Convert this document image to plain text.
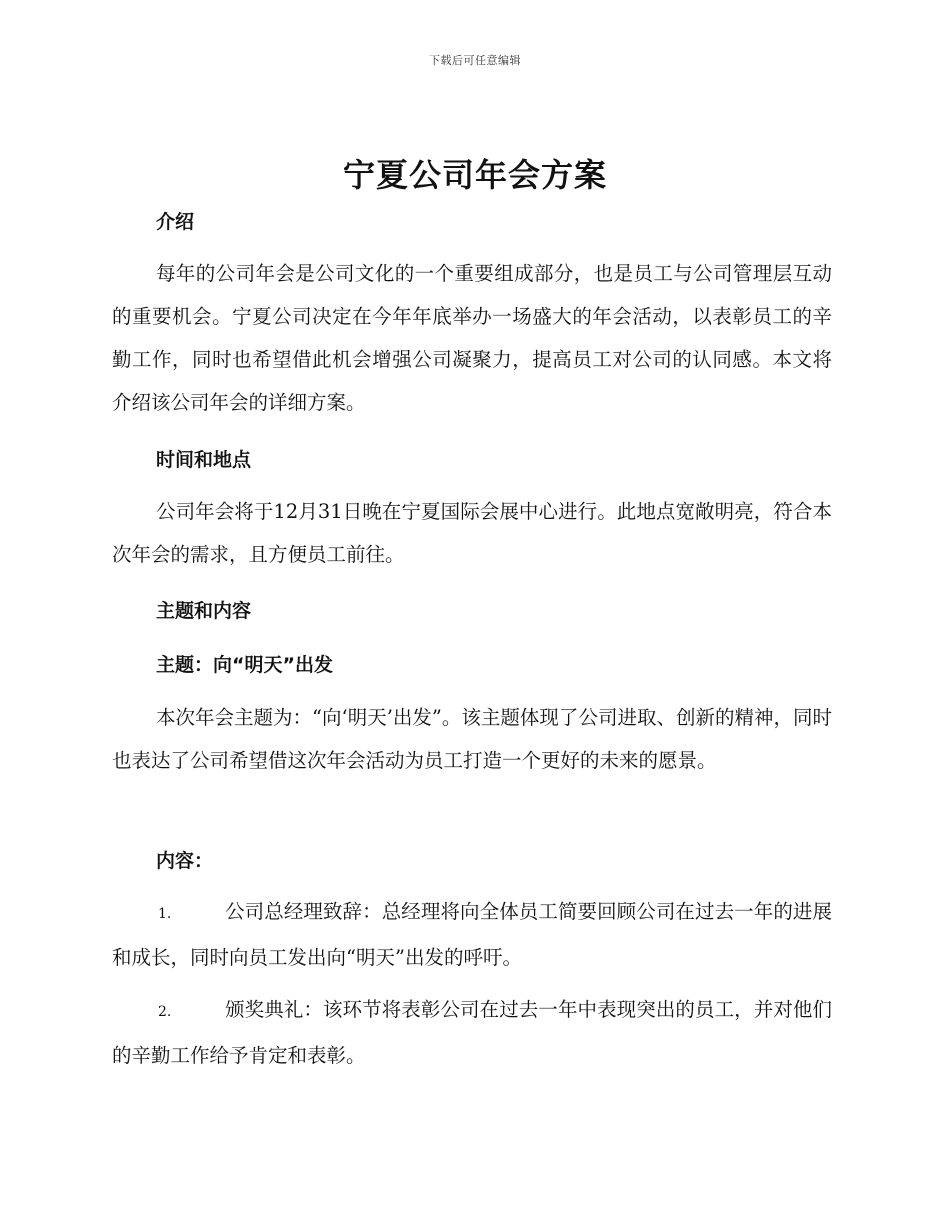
下载后可任意编辑
宁夏公司年会方案
介绍
每年的公司年会是公司文化的一个重要组成部分，也是员工与公司管理层互动的重要机会。宁夏公司决定在今年年底举办一场盛大的年会活动，以表彰员工的辛勤工作，同时也希望借此机会增强公司凝聚力，提高员工对公司的认同感。本文将介绍该公司年会的详细方案。
时间和地点
公司年会将于12月31日晚在宁夏国际会展中心进行。此地点宽敞明亮，符合本次年会的需求，且方便员工前往。
主题和内容
主题：向“明天”出发
本次年会主题为：“向‘明天’出发”。该主题体现了公司进取、创新的精神，同时也表达了公司希望借这次年会活动为员工打造一个更好的未来的愿景。
内容：
1.	公司总经理致辞：总经理将向全体员工简要回顾公司在过去一年的进展和成长，同时向员工发出向“明天”出发的呼吁。
2.	颁奖典礼：该环节将表彰公司在过去一年中表现突出的员工，并对他们的辛勤工作给予肯定和表彰。
